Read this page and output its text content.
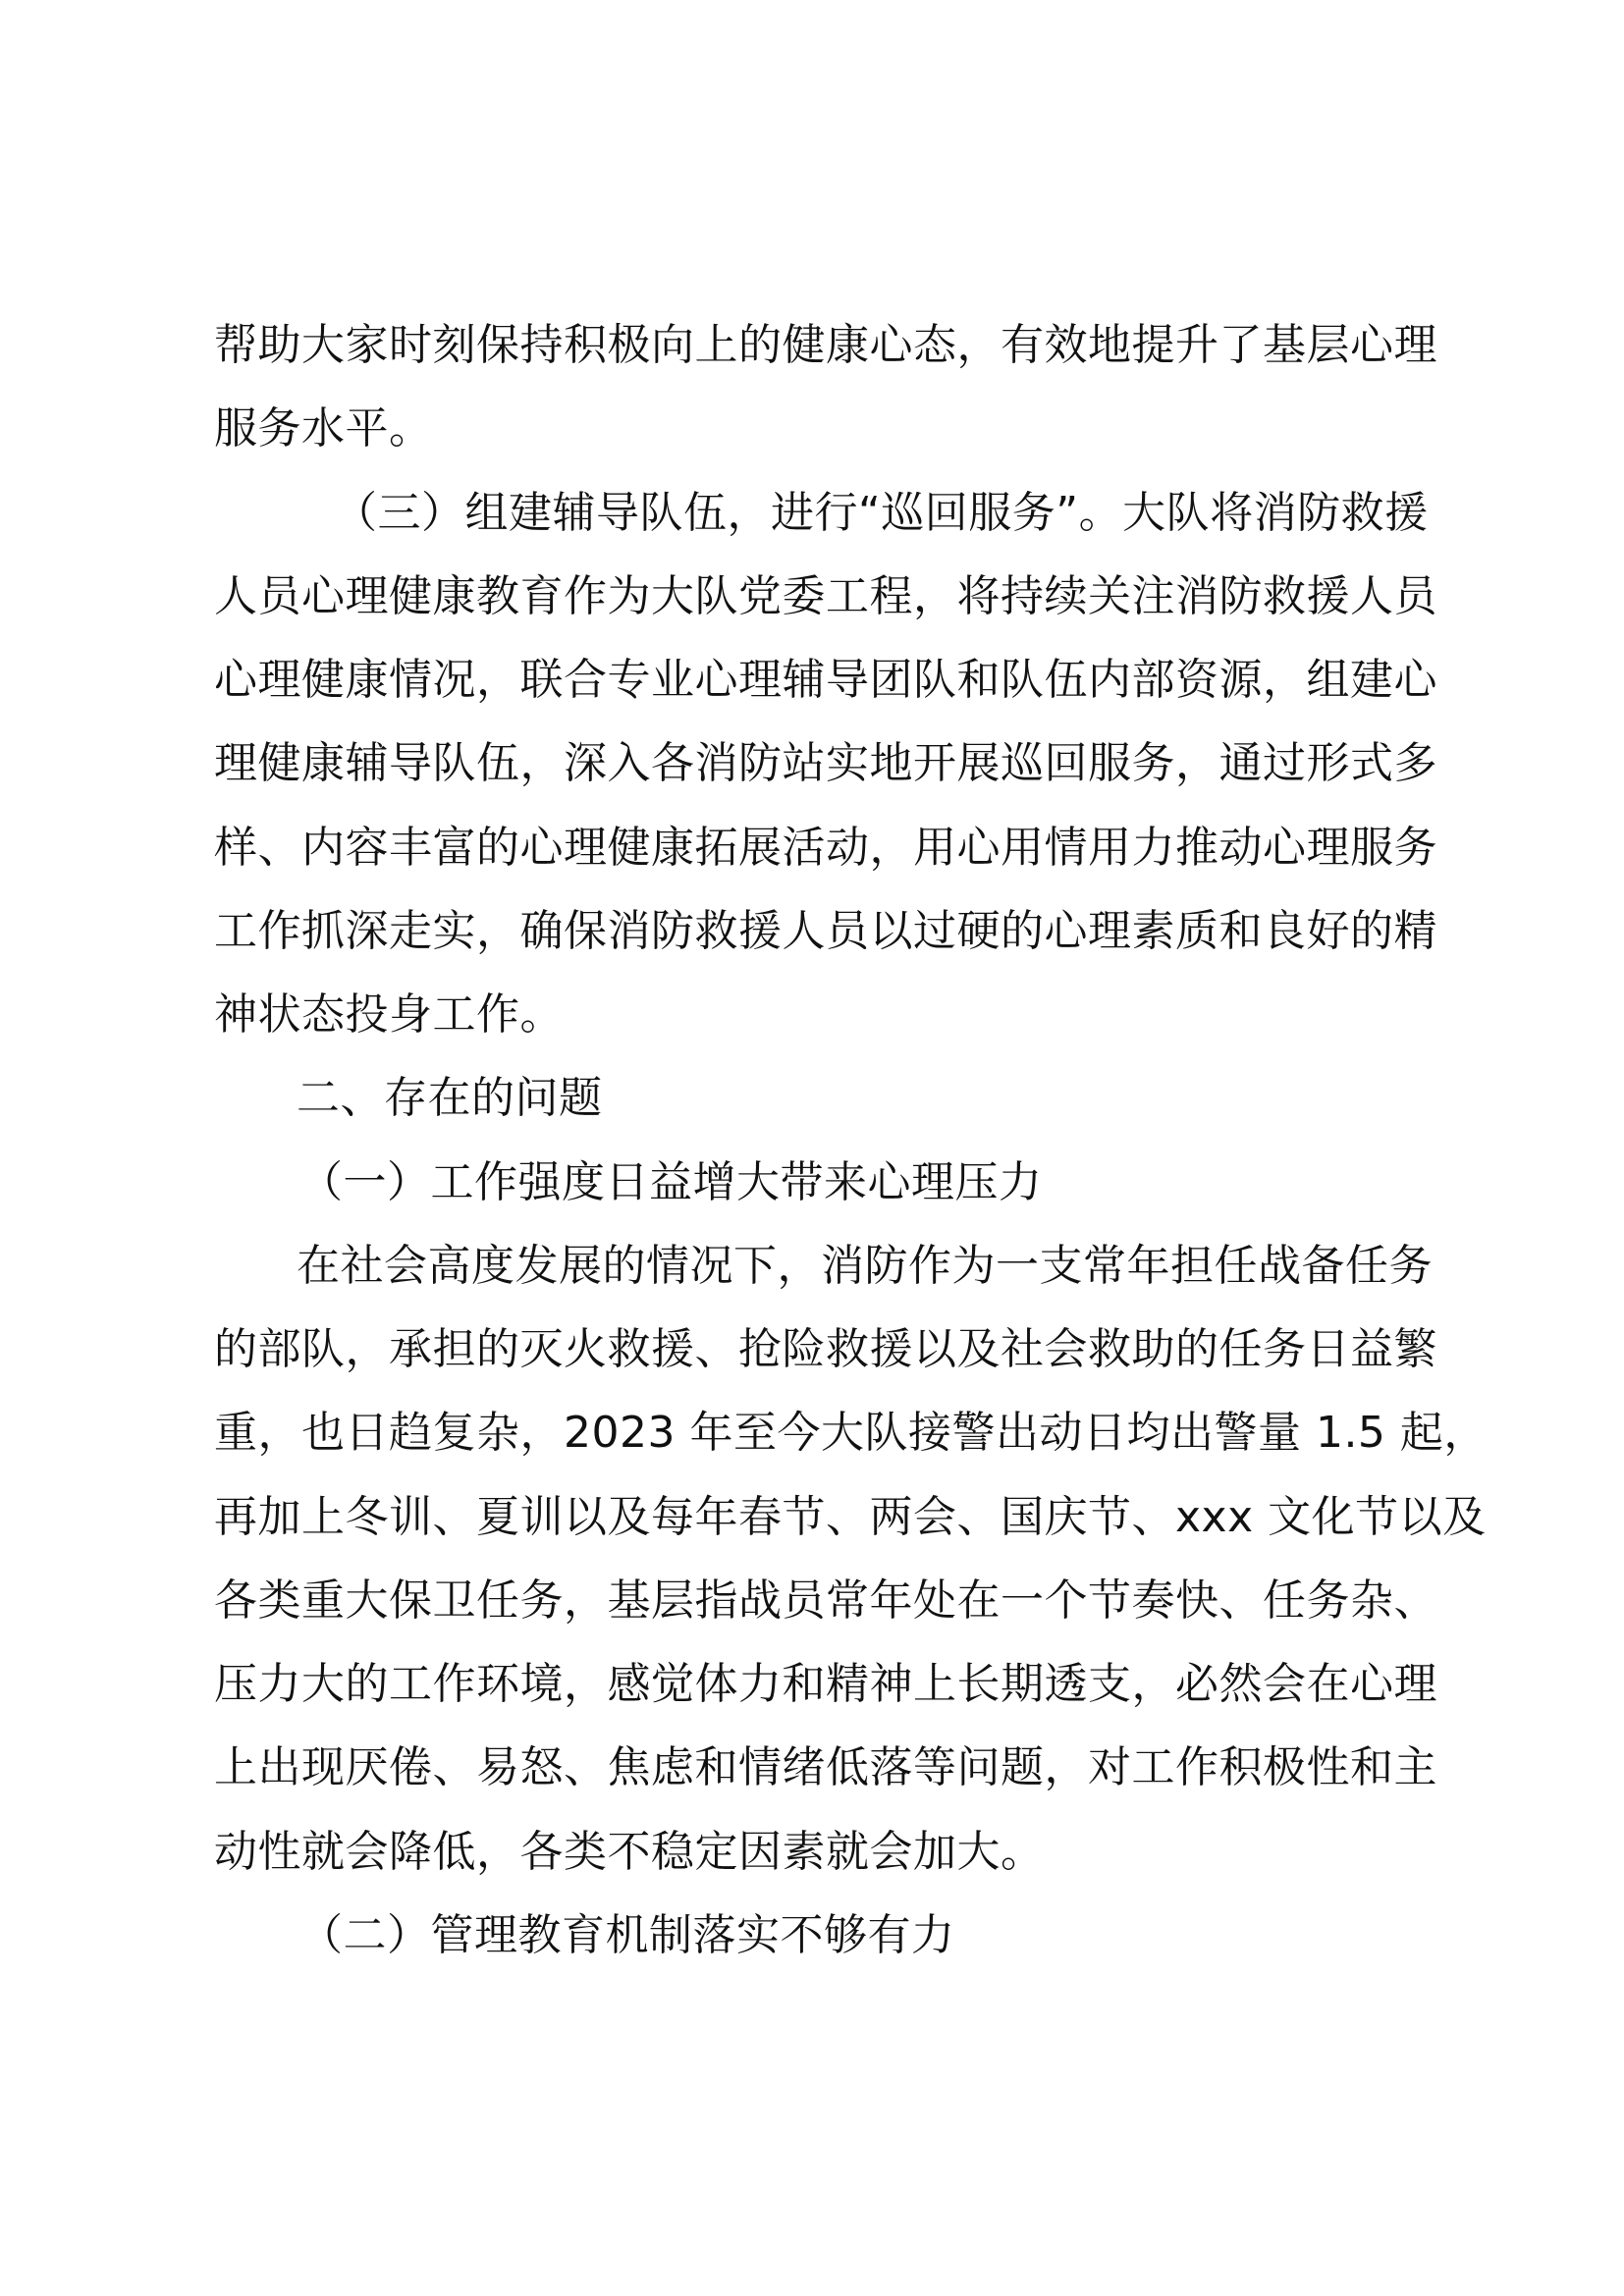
帮助大家时刻保持积极向上的健康心态，有效地提升了基层心理

服务水平。

（三）组建辅导队伍，进行“巡回服务”。大队将消防救援

人员心理健康教育作为大队党委工程，将持续关注消防救援人员

心理健康情况，联合专业心理辅导团队和队伍内部资源，组建心

理健康辅导队伍，深入各消防站实地开展巡回服务，通过形式多

样、内容丰富的心理健康拓展活动，用心用情用力推动心理服务

工作抓深走实，确保消防救援人员以过硬的心理素质和良好的精

神状态投身工作。

二、存在的问题

（一）工作强度日益增大带来心理压力

在社会高度发展的情况下，消防作为一支常年担任战备任务

的部队，承担的灭火救援、抢险救援以及社会救助的任务日益繁

重，也日趋复杂，2023 年至今大队接警出动日均出警量 1.5 起，

再加上冬训、夏训以及每年春节、两会、国庆节、xxx 文化节以及

各类重大保卫任务，基层指战员常年处在一个节奏快、任务杂、

压力大的工作环境，感觉体力和精神上长期透支，必然会在心理

上出现厌倦、易怒、焦虑和情绪低落等问题，对工作积极性和主

动性就会降低，各类不稳定因素就会加大。

（二）管理教育机制落实不够有力
